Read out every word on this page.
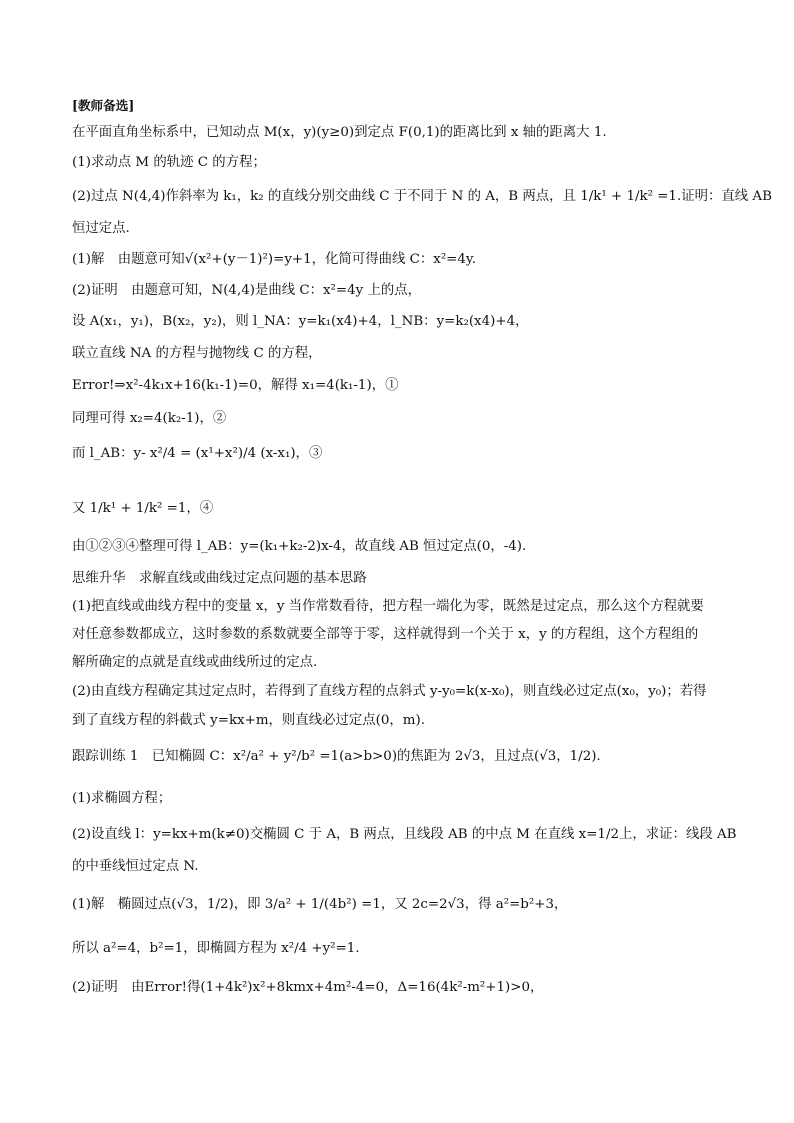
[教师备选]
在平面直角坐标系中，已知动点 M(x，y)(y≥0)到定点 F(0,1)的距离比到 x 轴的距离大 1.
(1)求动点 M 的轨迹 C 的方程；
(2)过点 N(4,4)作斜率为 k₁，k₂ 的直线分别交曲线 C 于不同于 N 的 A，B 两点，且 1/k¹ + 1/k² =1.证明：直线 AB
恒过定点.
(1)解　由题意可知√(x²+(y－1)²)=y+1，化简可得曲线 C：x²=4y.
(2)证明　由题意可知，N(4,4)是曲线 C：x²=4y 上的点，
设 A(x₁，y₁)，B(x₂，y₂)，则 l_NA：y=k₁(x4)+4，l_NB：y=k₂(x4)+4，
联立直线 NA 的方程与抛物线 C 的方程，
Error!⇒x²-4k₁x+16(k₁-1)=0，解得 x₁=4(k₁-1)，①
同理可得 x₂=4(k₂-1)，②
而 l_AB：y- x²/4 = (x¹+x²)/4 (x-x₁)，③
又 1/k¹ + 1/k² =1，④
由①②③④整理可得 l_AB：y=(k₁+k₂-2)x-4，故直线 AB 恒过定点(0，-4).
思维升华　求解直线或曲线过定点问题的基本思路
(1)把直线或曲线方程中的变量 x，y 当作常数看待，把方程一端化为零，既然是过定点，那么这个方程就要
对任意参数都成立，这时参数的系数就要全部等于零，这样就得到一个关于 x，y 的方程组，这个方程组的
解所确定的点就是直线或曲线所过的定点.
(2)由直线方程确定其过定点时，若得到了直线方程的点斜式 y-y₀=k(x-x₀)，则直线必过定点(x₀，y₀)；若得
到了直线方程的斜截式 y=kx+m，则直线必过定点(0，m).
跟踪训练 1　已知椭圆 C：x²/a² + y²/b² =1(a>b>0)的焦距为 2√3，且过点(√3，1/2).
(1)求椭圆方程；
(2)设直线 l：y=kx+m(k≠0)交椭圆 C 于 A，B 两点，且线段 AB 的中点 M 在直线 x=1/2上，求证：线段 AB
的中垂线恒过定点 N.
(1)解　椭圆过点(√3，1/2)，即 3/a² + 1/(4b²) =1，又 2c=2√3，得 a²=b²+3，
所以 a²=4，b²=1，即椭圆方程为 x²/4 +y²=1.
(2)证明　由Error!得(1+4k²)x²+8kmx+4m²-4=0，Δ=16(4k²-m²+1)>0，
